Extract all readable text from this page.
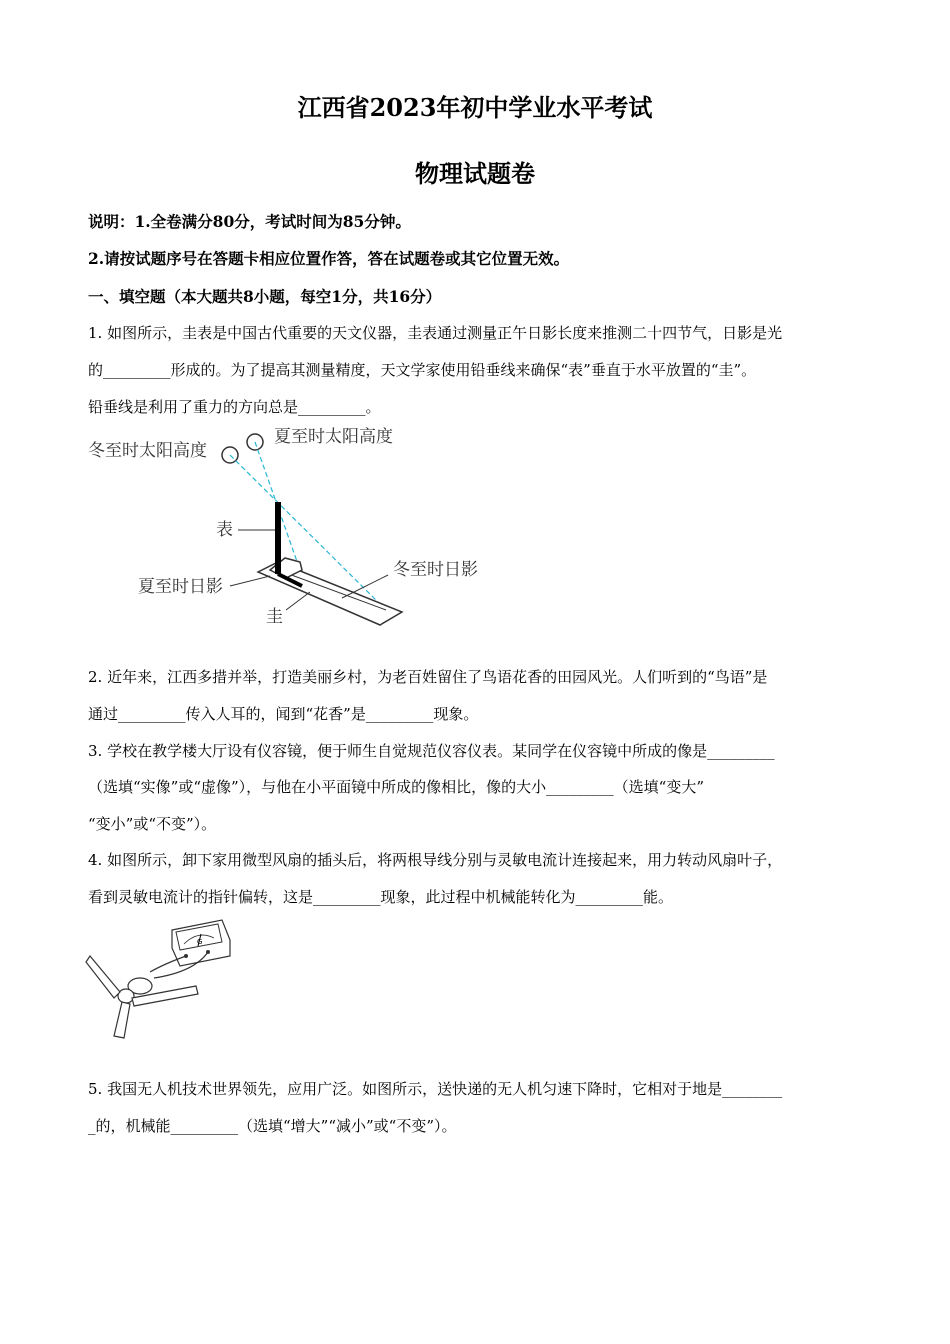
江西省2023年初中学业水平考试
物理试题卷
说明：1.全卷满分80分，考试时间为85分钟。
2.请按试题序号在答题卡相应位置作答，答在试题卷或其它位置无效。
一、填空题（本大题共8小题，每空1分，共16分）
1. 如图所示，圭表是中国古代重要的天文仪器，圭表通过测量正午日影长度来推测二十四节气，日影是光
的_________形成的。为了提高其测量精度，天文学家使用铅垂线来确保“表”垂直于水平放置的“圭”。
铅垂线是利用了重力的方向总是_________。
冬至时太阳高度
夏至时太阳高度
表
冬至时日影
夏至时日影
圭
2. 近年来，江西多措并举，打造美丽乡村，为老百姓留住了鸟语花香的田园风光。人们听到的“鸟语”是
通过_________传入人耳的，闻到“花香”是_________现象。
3. 学校在教学楼大厅设有仪容镜，便于师生自觉规范仪容仪表。某同学在仪容镜中所成的像是_________
（选填“实像”或“虚像”），与他在小平面镜中所成的像相比，像的大小_________（选填“变大”
“变小”或“不变”）。
4. 如图所示，卸下家用微型风扇的插头后，将两根导线分别与灵敏电流计连接起来，用力转动风扇叶子，
看到灵敏电流计的指针偏转，这是_________现象，此过程中机械能转化为_________能。
G
5. 我国无人机技术世界领先，应用广泛。如图所示，送快递的无人机匀速下降时，它相对于地是________
_的，机械能_________（选填“增大”“减小”或“不变”）。
